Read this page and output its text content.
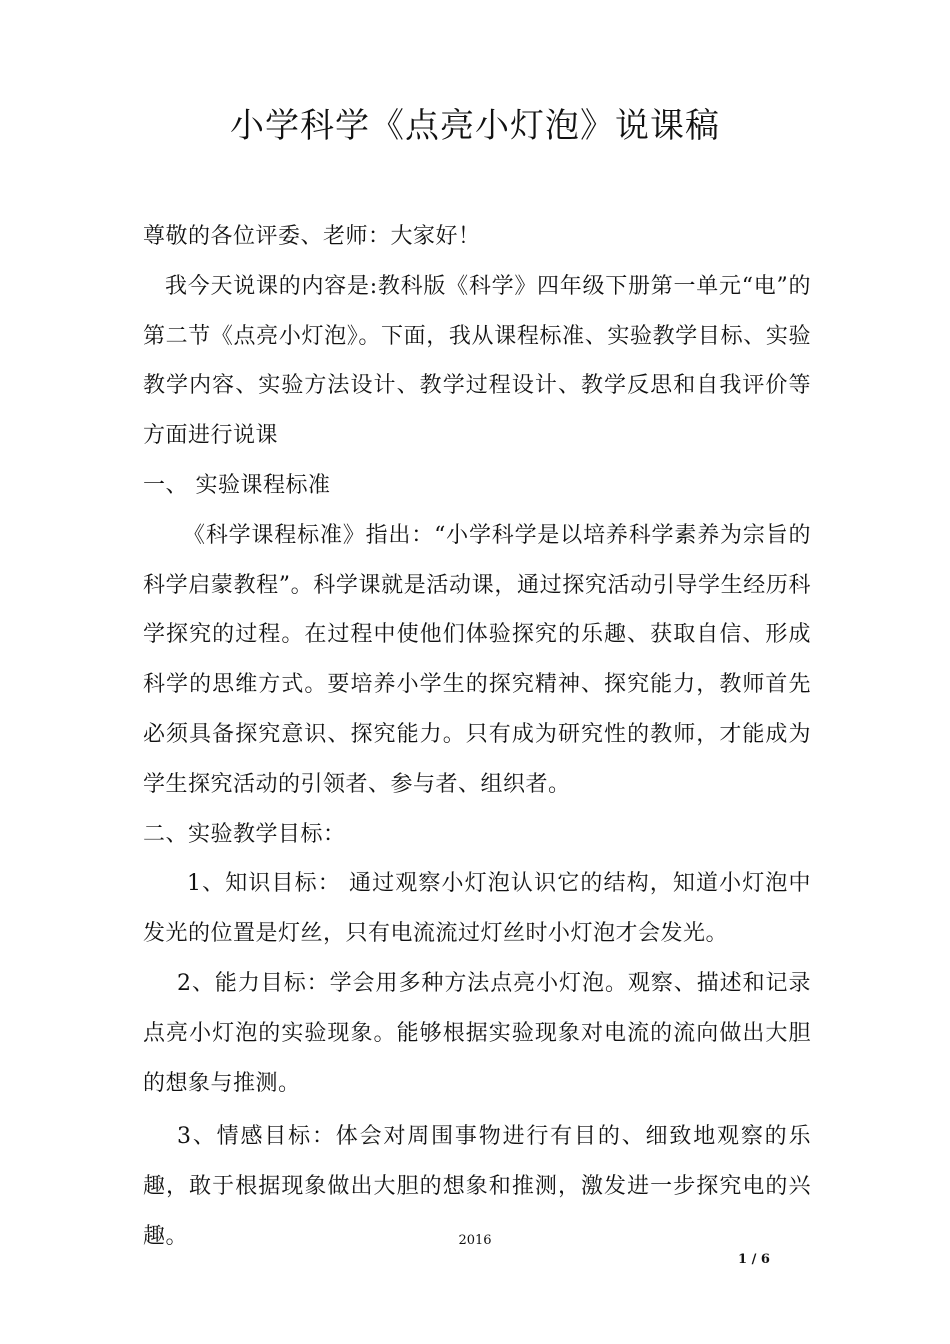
小学科学《点亮小灯泡》说课稿

尊敬的各位评委、老师：大家好！

我今天说课的内容是:教科版《科学》四年级下册第一单元“电”的第二节《点亮小灯泡》。下面，我从课程标准、实验教学目标、实验教学内容、实验方法设计、教学过程设计、教学反思和自我评价等方面进行说课

一、 实验课程标准

《科学课程标准》指出：“小学科学是以培养科学素养为宗旨的科学启蒙教程”。科学课就是活动课，通过探究活动引导学生经历科学探究的过程。在过程中使他们体验探究的乐趣、获取自信、形成科学的思维方式。要培养小学生的探究精神、探究能力，教师首先必须具备探究意识、探究能力。只有成为研究性的教师，才能成为学生探究活动的引领者、参与者、组织者。

二、实验教学目标：

1、知识目标： 通过观察小灯泡认识它的结构，知道小灯泡中发光的位置是灯丝，只有电流流过灯丝时小灯泡才会发光。

2、能力目标：学会用多种方法点亮小灯泡。观察、描述和记录点亮小灯泡的实验现象。能够根据实验现象对电流的流向做出大胆的想象与推测。

3、情感目标：体会对周围事物进行有目的、细致地观察的乐趣，敢于根据现象做出大胆的想象和推测，激发进一步探究电的兴趣。	2016

1 / 6
